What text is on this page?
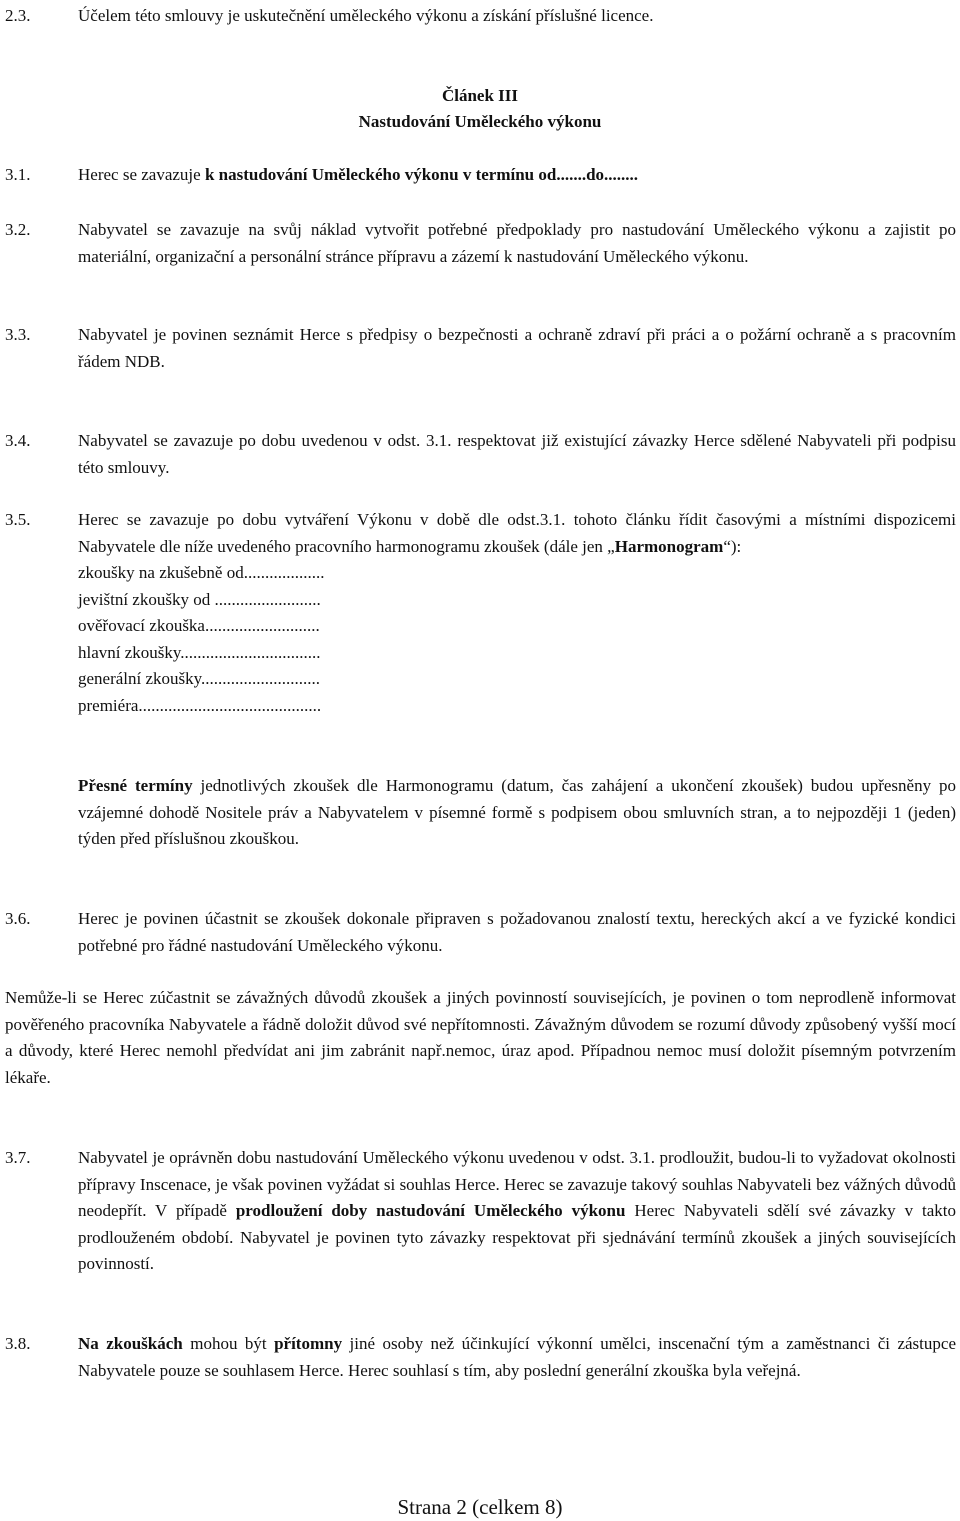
2.3.	Účelem této smlouvy je uskutečnění uměleckého výkonu a získání příslušné licence.
Článek III
Nastudování Uměleckého výkonu
3.1.	Herec se zavazuje k nastudování Uměleckého výkonu v termínu od.......do........
3.2.	Nabyvatel se zavazuje na svůj náklad vytvořit potřebné předpoklady pro nastudování Uměleckého výkonu a zajistit po materiální, organizační a personální stránce přípravu a zázemí k nastudování Uměleckého výkonu.
3.3.	Nabyvatel je povinen seznámit Herce s předpisy o bezpečnosti a ochraně zdraví při práci a o požární ochraně a s pracovním řádem NDB.
3.4.	Nabyvatel se zavazuje po dobu uvedenou v odst. 3.1. respektovat již existující závazky Herce sdělené Nabyvateli při podpisu této smlouvy.
3.5.	Herec se zavazuje po dobu vytváření Výkonu v době dle odst.3.1. tohoto článku řídit časovými a místními dispozicemi Nabyvatele dle níže uvedeného pracovního harmonogramu zkoušek (dále jen „Harmonogram“):
zkoušky na zkušebně od...................
jevištní zkoušky od .........................
ověřovací zkouška...........................
hlavní zkoušky.................................
generální zkoušky............................
premiéra...........................................
Přesné termíny jednotlivých zkoušek dle Harmonogramu (datum, čas zahájení a ukončení zkoušek) budou upřesněny po vzájemné dohodě Nositele práv a Nabyvatelem v písemné formě s podpisem obou smluvních stran, a to nejpozději 1 (jeden) týden před příslušnou zkouškou.
3.6.	Herec je povinen účastnit se zkoušek dokonale připraven s požadovanou znalostí textu, hereckých akcí a ve fyzické kondici potřebné pro řádné nastudování Uměleckého výkonu.
Nemůže-li se Herec zúčastnit se závažných důvodů zkoušek a jiných povinností souvisejících, je povinen o tom neprodleně informovat pověřeného pracovníka Nabyvatele a řádně doložit důvod své nepřítomnosti. Závažným důvodem se rozumí důvody způsobený vyšší mocí a důvody, které Herec nemohl předvídat ani jim zabránit např.nemoc, úraz apod. Případnou nemoc musí doložit písemným potvrzením lékaře.
3.7.	Nabyvatel je oprávněn dobu nastudování Uměleckého výkonu uvedenou v odst. 3.1. prodloužit, budou-li to vyžadovat okolnosti přípravy Inscenace, je však povinen vyžádat si souhlas Herce. Herec se zavazuje takový souhlas Nabyvateli bez vážných důvodů neodepřít. V případě prodloužení doby nastudování Uměleckého výkonu Herec Nabyvateli sdělí své závazky v takto prodlouženém období. Nabyvatel je povinen tyto závazky respektovat při sjednávání termínů zkoušek a jiných souvisejících povinností.
3.8.	Na zkouškách mohou být přítomny jiné osoby než účinkující výkonní umělci, inscenační tým a zaměstnanci či zástupce Nabyvatele pouze se souhlasem Herce. Herec souhlasí s tím, aby poslední generální zkouška byla veřejná.
Strana 2 (celkem 8)
